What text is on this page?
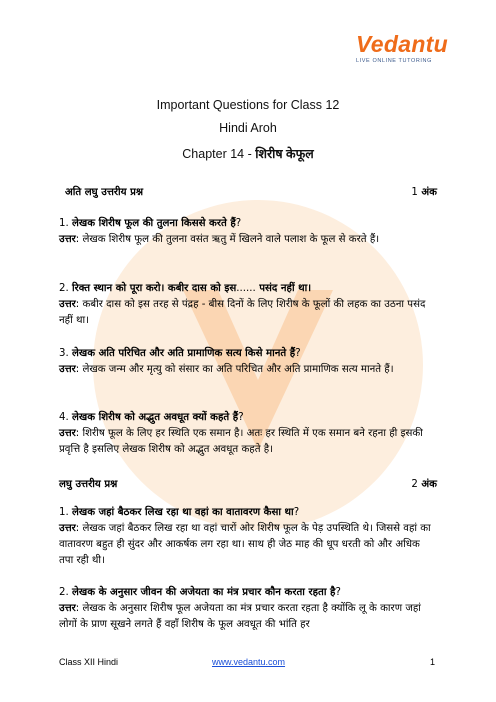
Vedantu
LIVE ONLINE TUTORING
Important Questions for Class 12
Hindi Aroh
Chapter 14 - शिरीष केफूल
अति लघु उत्तरीय प्रश्न	1 अंक
1. लेखक शिरीष फूल की तुलना किससे करते हैं?
उत्तर: लेखक शिरीष फूल की तुलना वसंत ऋतु में खिलने वाले पलाश के फूल से करते हैं।
2. रिक्त स्थान को पूरा करो। कबीर दास को इस...... पसंद नहीं था।
उत्तर: कबीर दास को इस तरह से पंद्रह - बीस दिनों के लिए शिरीष के फूलों की लहक का उठना पसंद नहीं था।
3. लेखक अति परिचित और अति प्रामाणिक सत्य किसे मानते हैं?
उत्तर: लेखक जन्म और मृत्यु को संसार का अति परिचित और अति प्रामाणिक सत्य मानते हैं।
4. लेखक शिरीष को अद्भुत अवधूत क्यों कहते हैं?
उत्तर: शिरीष फूल के लिए हर स्थिति एक समान है। अतः हर स्थिति में एक समान बने रहना ही इसकी प्रवृत्ति है इसलिए लेखक शिरीष को अद्भुत अवधूत कहते है।
लघु उत्तरीय प्रश्न	2 अंक
1. लेखक जहां बैठकर लिख रहा था वहां का वातावरण कैसा था?
उत्तर: लेखक जहां बैठकर लिख रहा था वहां चारों ओर शिरीष फूल के पेड़ उपस्थिति थे। जिससे वहां का वातावरण बहुत ही सुंदर और आकर्षक लग रहा था। साथ ही जेठ माह की धूप धरती को और अधिक तपा रही थी।
2. लेखक के अनुसार जीवन की अजेयता का मंत्र प्रचार कौन करता रहता है?
उत्तर: लेखक के अनुसार शिरीष फूल अजेयता का मंत्र प्रचार करता रहता है क्योंकि लू के कारण जहां लोगों के प्राण सूखने लगते हैं वहाँ शिरीष के फूल अवधूत की भांति हर
Class XII Hindi	www.vedantu.com	1
